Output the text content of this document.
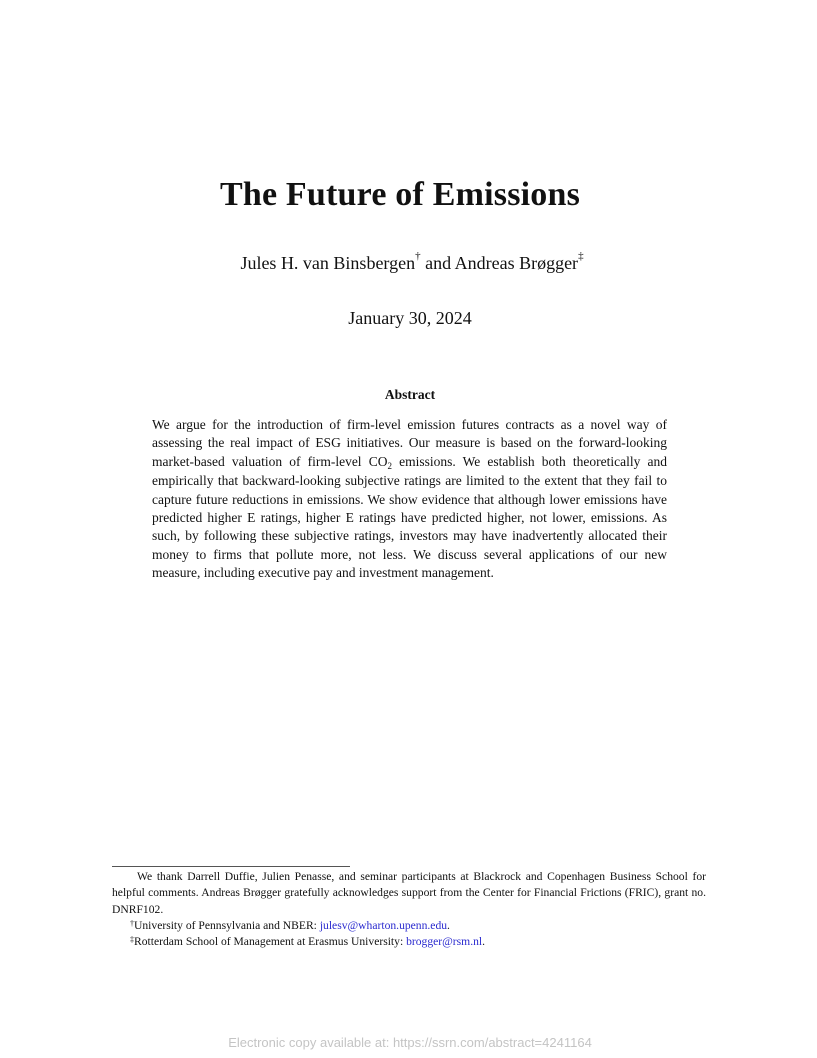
The Future of Emissions
Jules H. van Binsbergen† and Andreas Brøgger‡
January 30, 2024
Abstract
We argue for the introduction of firm-level emission futures contracts as a novel way of assessing the real impact of ESG initiatives. Our measure is based on the forward-looking market-based valuation of firm-level $CO_2$ emissions. We establish both theoretically and empirically that backward-looking subjective ratings are limited to the extent that they fail to capture future reductions in emissions. We show evidence that although lower emissions have predicted higher E ratings, higher E ratings have predicted higher, not lower, emissions. As such, by following these subjective ratings, investors may have inadvertently allocated their money to firms that pollute more, not less. We discuss several applications of our new measure, including executive pay and investment management.

We thank Darrell Duffie, Julien Penasse, and seminar participants at Blackrock and Copenhagen Business School for helpful comments. Andreas Brøgger gratefully acknowledges support from the Center for Financial Frictions (FRIC), grant no. DNRF102.

†University of Pennsylvania and NBER: julesv@wharton.upenn.edu.

‡Rotterdam School of Management at Erasmus University: brogger@rsm.nl.

Electronic copy available at: https://ssrn.com/abstract=4241164
